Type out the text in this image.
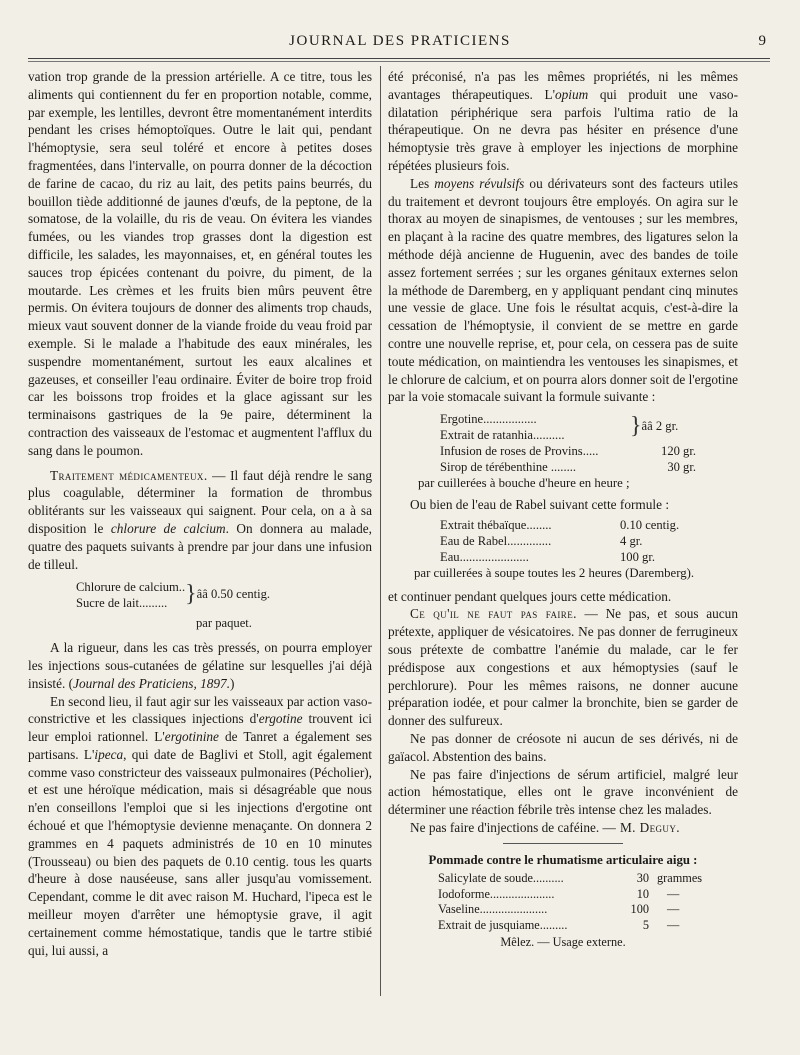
JOURNAL DES PRATICIENS	9

vation trop grande de la pression artérielle. A ce titre, tous les aliments qui contiennent du fer en proportion notable, comme, par exemple, les lentilles, devront être momentanément interdits pendant les crises hémoptoïques. Outre le lait qui, pendant l'hémoptysie, sera seul toléré et encore à petites doses fragmentées, dans l'intervalle, on pourra donner de la décoction de farine de cacao, du riz au lait, des petits pains beurrés, du bouillon tiède additionné de jaunes d'œufs, de la peptone, de la somatose, de la volaille, du ris de veau. On évitera les viandes fumées, ou les viandes trop grasses dont la digestion est difficile, les salades, les mayonnaises, et, en général toutes les sauces trop épicées contenant du poivre, du piment, de la moutarde. Les crèmes et les fruits bien mûrs peuvent être permis. On évitera toujours de donner des aliments trop chauds, mieux vaut souvent donner de la viande froide du veau froid par exemple. Si le malade a l'habitude des eaux minérales, les suspendre momentanément, surtout les eaux alcalines et gazeuses, et conseiller l'eau ordinaire. Éviter de boire trop froid car les boissons trop froides et la glace agissant sur les terminaisons gastriques de la 9e paire, déterminent la contraction des vaisseaux de l'estomac et augmentent l'afflux du sang dans le poumon.

Traitement médicamenteux. — Il faut déjà rendre le sang plus coagulable, déterminer la formation de thrombus oblitérants sur les vaisseaux qui saignent. Pour cela, on a à sa disposition le chlorure de calcium. On donnera au malade, quatre des paquets suivants à prendre par jour dans une infusion de tilleul.

Chlorure de calcium..
Sucre de lait.........	}	ââ 0.50 centig.
par paquet.

A la rigueur, dans les cas très pressés, on pourra employer les injections sous-cutanées de gélatine sur lesquelles j'ai déjà insisté. (Journal des Praticiens, 1897.)

En second lieu, il faut agir sur les vaisseaux par action vaso-constrictive et les classiques injections d'ergotine trouvent ici leur emploi rationnel. L'ergotinine de Tanret a également ses partisans. L'ipeca, qui date de Baglivi et Stoll, agit également comme vaso constricteur des vaisseaux pulmonaires (Pécholier), et est une héroïque médication, mais si désagréable que nous n'en conseillons l'emploi que si les injections d'ergotine ont échoué et que l'hémoptysie devienne menaçante. On donnera 2 grammes en 4 paquets administrés de 10 en 10 minutes (Trousseau) ou bien des paquets de 0.10 centig. tous les quarts d'heure à dose nauséeuse, sans aller jusqu'au vomissement. Cependant, comme le dit avec raison M. Huchard, l'ipeca est le meilleur moyen d'arrêter une hémoptysie grave, il agit certainement comme hémostatique, tandis que le tartre stibié qui, lui aussi, a

été préconisé, n'a pas les mêmes propriétés, ni les mêmes avantages thérapeutiques. L'opium qui produit une vaso-dilatation périphérique sera parfois l'ultima ratio de la thérapeutique. On ne devra pas hésiter en présence d'une hémoptysie très grave à employer les injections de morphine répétées plusieurs fois.

Les moyens révulsifs ou dérivateurs sont des facteurs utiles du traitement et devront toujours être employés. On agira sur le thorax au moyen de sinapismes, de ventouses ; sur les membres, en plaçant à la racine des quatre membres, des ligatures selon la méthode déjà ancienne de Huguenin, avec des bandes de toile assez fortement serrées ; sur les organes génitaux externes selon la méthode de Daremberg, en y appliquant pendant cinq minutes une vessie de glace. Une fois le résultat acquis, c'est-à-dire la cessation de l'hémoptysie, il convient de se mettre en garde contre une nouvelle reprise, et, pour cela, on cessera pas de suite toute médication, on maintiendra les ventouses les sinapismes, et le chlorure de calcium, et on pourra alors donner soit de l'ergotine par la voie stomacale suivant la formule suivante :

Ergotine.................
Extrait de ratanhia..........	}	ââ 2 gr.
Infusion de roses de Provins.....	120 gr.
Sirop de térébenthine ........	30 gr.
par cuillerées à bouche d'heure en heure ;

Ou bien de l'eau de Rabel suivant cette formule :

Extrait thébaïque........	0.10 centig.
Eau de Rabel..............	4 gr.
Eau......................	100 gr.
par cuillerées à soupe toutes les 2 heures (Daremberg).

et continuer pendant quelques jours cette médication.

Ce qu'il ne faut pas faire. — Ne pas, et sous aucun prétexte, appliquer de vésicatoires. Ne pas donner de ferrugineux sous prétexte de combattre l'anémie du malade, car le fer prédispose aux congestions et aux hémoptysies (sauf le perchlorure). Pour les mêmes raisons, ne donner aucune préparation iodée, et pour calmer la bronchite, bien se garder de donner des sulfureux.

Ne pas donner de créosote ni aucun de ses dérivés, ni de gaïacol. Abstention des bains.

Ne pas faire d'injections de sérum artificiel, malgré leur action hémostatique, elles ont le grave inconvénient de déterminer une réaction fébrile très intense chez les malades.

Ne pas faire d'injections de caféine. — M. Deguy.

Pommade contre le rhumatisme articulaire aigu :
Salicylate de soude..........	30	grammes
Iodoforme.....................	10	—
Vaseline......................	100	—
Extrait de jusquiame.........	5	—
Mêlez. — Usage externe.
